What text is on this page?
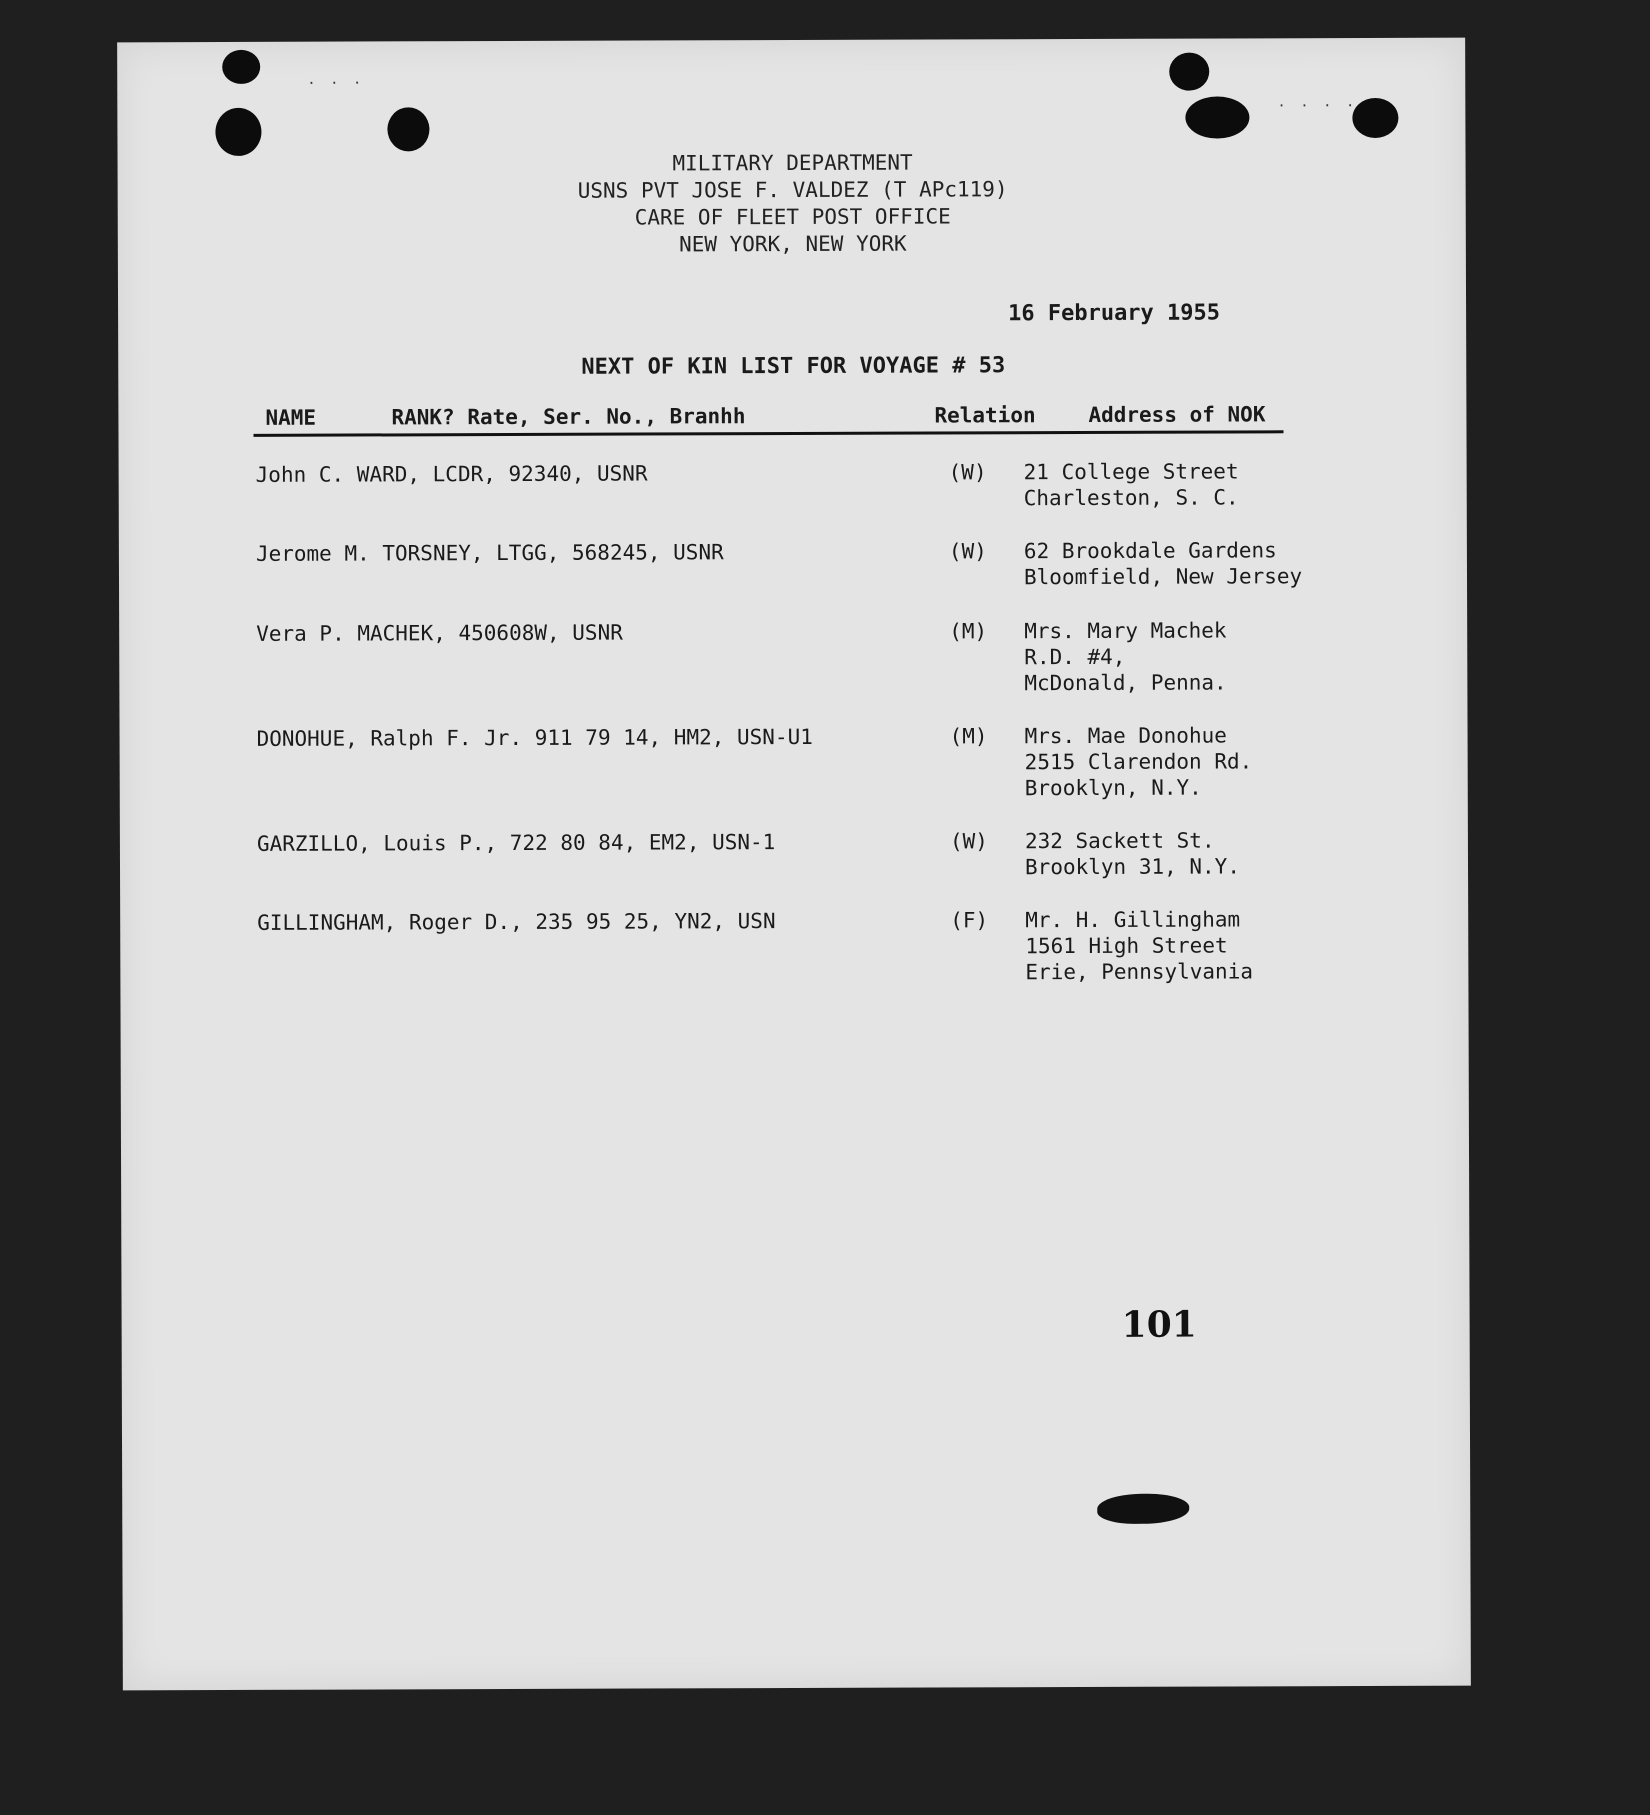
· · ·
· · · ·
MILITARY DEPARTMENT
USNS PVT JOSE F. VALDEZ (T APc119)
CARE OF FLEET POST OFFICE
NEW YORK, NEW YORK
16 February 1955
NEXT OF KIN LIST FOR VOYAGE # 53
NAME	RANK? Rate, Ser. No., Branhh	Relation	Address of NOK
John C. WARD, LCDR, 92340, USNR	(W) 21 College Street
Charleston, S. C.
Jerome M. TORSNEY, LTGG, 568245, USNR	(W) 62 Brookdale Gardens
Bloomfield, New Jersey
Vera P. MACHEK, 450608W, USNR	(M) Mrs. Mary Machek
R.D. #4,
McDonald, Penna.
DONOHUE, Ralph F. Jr. 911 79 14, HM2, USN-U1	(M) Mrs. Mae Donohue
2515 Clarendon Rd.
Brooklyn, N.Y.
GARZILLO, Louis P., 722 80 84, EM2, USN-1	(W) 232 Sackett St.
Brooklyn 31, N.Y.
GILLINGHAM, Roger D., 235 95 25, YN2, USN	(F) Mr. H. Gillingham
1561 High Street
Erie, Pennsylvania
101
